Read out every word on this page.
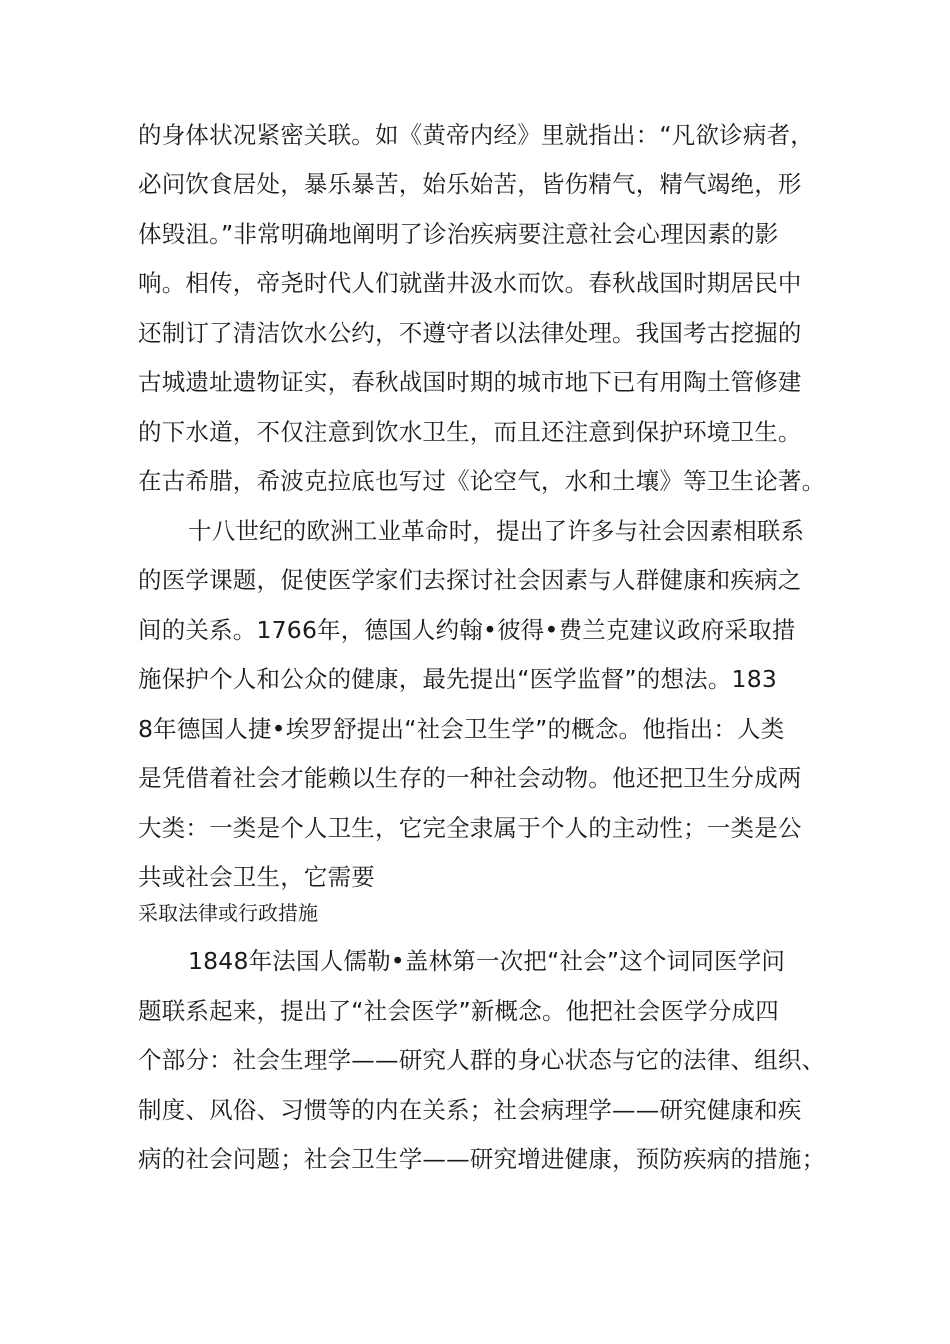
的身体状况紧密关联。如《黄帝内经》里就指出：“凡欲诊病者，
必问饮食居处，暴乐暴苦，始乐始苦，皆伤精气，精气竭绝，形
体毁沮。”非常明确地阐明了诊治疾病要注意社会心理因素的影
响。相传，帝尧时代人们就凿井汲水而饮。春秋战国时期居民中
还制订了清洁饮水公约，不遵守者以法律处理。我国考古挖掘的
古城遗址遗物证实，春秋战国时期的城市地下已有用陶土管修建
的下水道，不仅注意到饮水卫生，而且还注意到保护环境卫生。
在古希腊，希波克拉底也写过《论空气，水和土壤》等卫生论著。
十八世纪的欧洲工业革命时，提出了许多与社会因素相联系
的医学课题，促使医学家们去探讨社会因素与人群健康和疾病之
间的关系。1766年，德国人约翰•彼得•费兰克建议政府采取措
施保护个人和公众的健康，最先提出“医学监督”的想法。183
8年德国人捷•埃罗舒提出“社会卫生学”的概念。他指出：人类
是凭借着社会才能赖以生存的一种社会动物。他还把卫生分成两
大类：一类是个人卫生，它完全隶属于个人的主动性；一类是公
共或社会卫生，它需要
采取法律或行政措施
1848年法国人儒勒•盖林第一次把“社会”这个词同医学问
题联系起来，提出了“社会医学”新概念。他把社会医学分成四
个部分：社会生理学——研究人群的身心状态与它的法律、组织、
制度、风俗、习惯等的内在关系；社会病理学——研究健康和疾
病的社会问题；社会卫生学——研究增进健康，预防疾病的措施；
